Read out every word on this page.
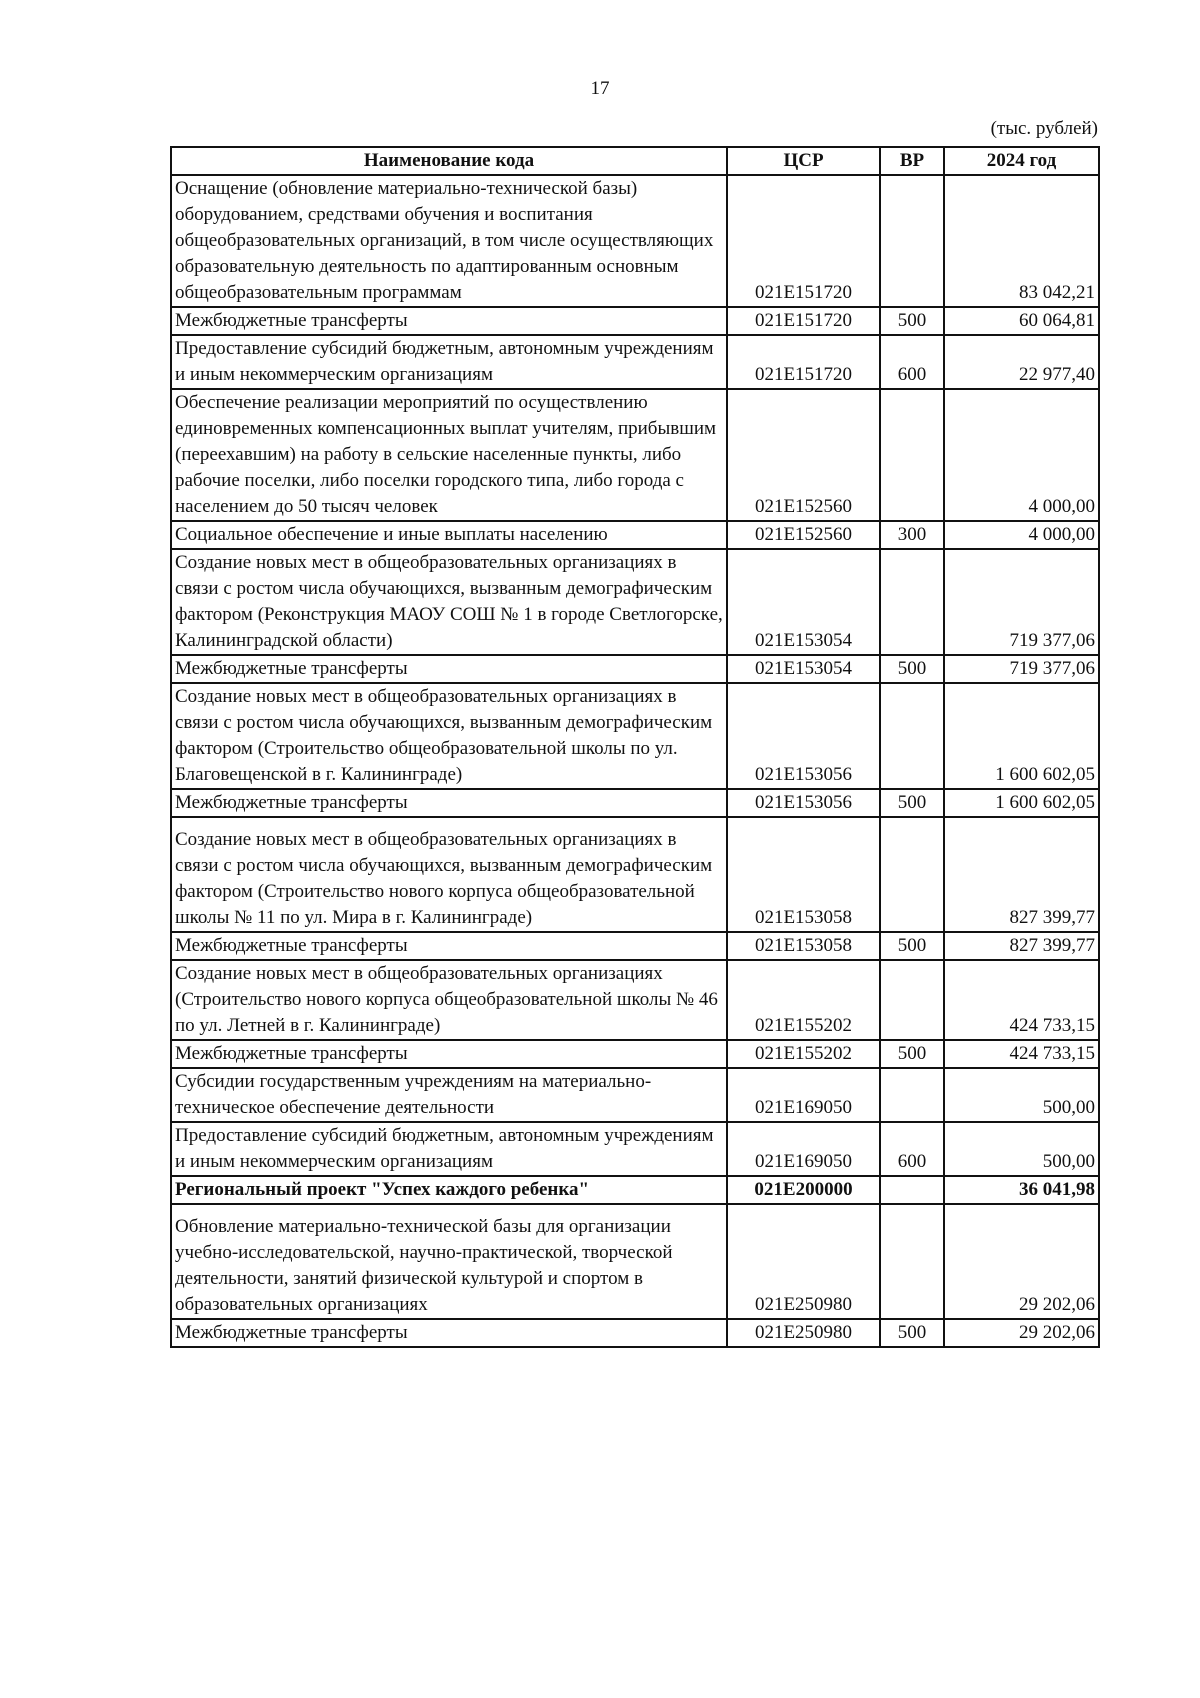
17
(тыс. рублей)
Наименование кода	ЦСР	ВР	2024 год
Оснащение (обновление материально-технической базы) оборудованием, средствами обучения и воспитания общеобразовательных организаций, в том числе осуществляющих образовательную деятельность по адаптированным основным общеобразовательным программам	021E151720		83 042,21
Межбюджетные трансферты	021E151720	500	60 064,81
Предоставление субсидий бюджетным, автономным учреждениям и иным некоммерческим организациям	021E151720	600	22 977,40
Обеспечение реализации мероприятий по осуществлению единовременных компенсационных выплат учителям, прибывшим (переехавшим) на работу в сельские населенные пункты, либо рабочие поселки, либо поселки городского типа, либо города с населением до 50 тысяч человек	021E152560		4 000,00
Социальное обеспечение и иные выплаты населению	021E152560	300	4 000,00
Создание новых мест в общеобразовательных организациях в связи с ростом числа обучающихся, вызванным демографическим фактором (Реконструкция МАОУ СОШ № 1 в городе Светлогорске, Калининградской области)	021E153054		719 377,06
Межбюджетные трансферты	021E153054	500	719 377,06
Создание новых мест в общеобразовательных организациях в связи с ростом числа обучающихся, вызванным демографическим фактором (Строительство общеобразовательной школы по ул. Благовещенской в г. Калининграде)	021E153056		1 600 602,05
Межбюджетные трансферты	021E153056	500	1 600 602,05
Создание новых мест в общеобразовательных организациях в связи с ростом числа обучающихся, вызванным демографическим фактором (Строительство нового корпуса общеобразовательной школы № 11 по ул. Мира в г. Калининграде)	021E153058		827 399,77
Межбюджетные трансферты	021E153058	500	827 399,77
Создание новых мест в общеобразовательных организациях (Строительство нового корпуса общеобразовательной школы № 46 по ул. Летней в г. Калининграде)	021E155202		424 733,15
Межбюджетные трансферты	021E155202	500	424 733,15
Субсидии государственным учреждениям на материально-техническое обеспечение деятельности	021E169050		500,00
Предоставление субсидий бюджетным, автономным учреждениям и иным некоммерческим организациям	021E169050	600	500,00
Региональный проект "Успех каждого ребенка"	021E200000		36 041,98
Обновление материально-технической базы для организации учебно-исследовательской, научно-практической, творческой деятельности, занятий физической культурой и спортом в образовательных организациях	021E250980		29 202,06
Межбюджетные трансферты	021E250980	500	29 202,06
